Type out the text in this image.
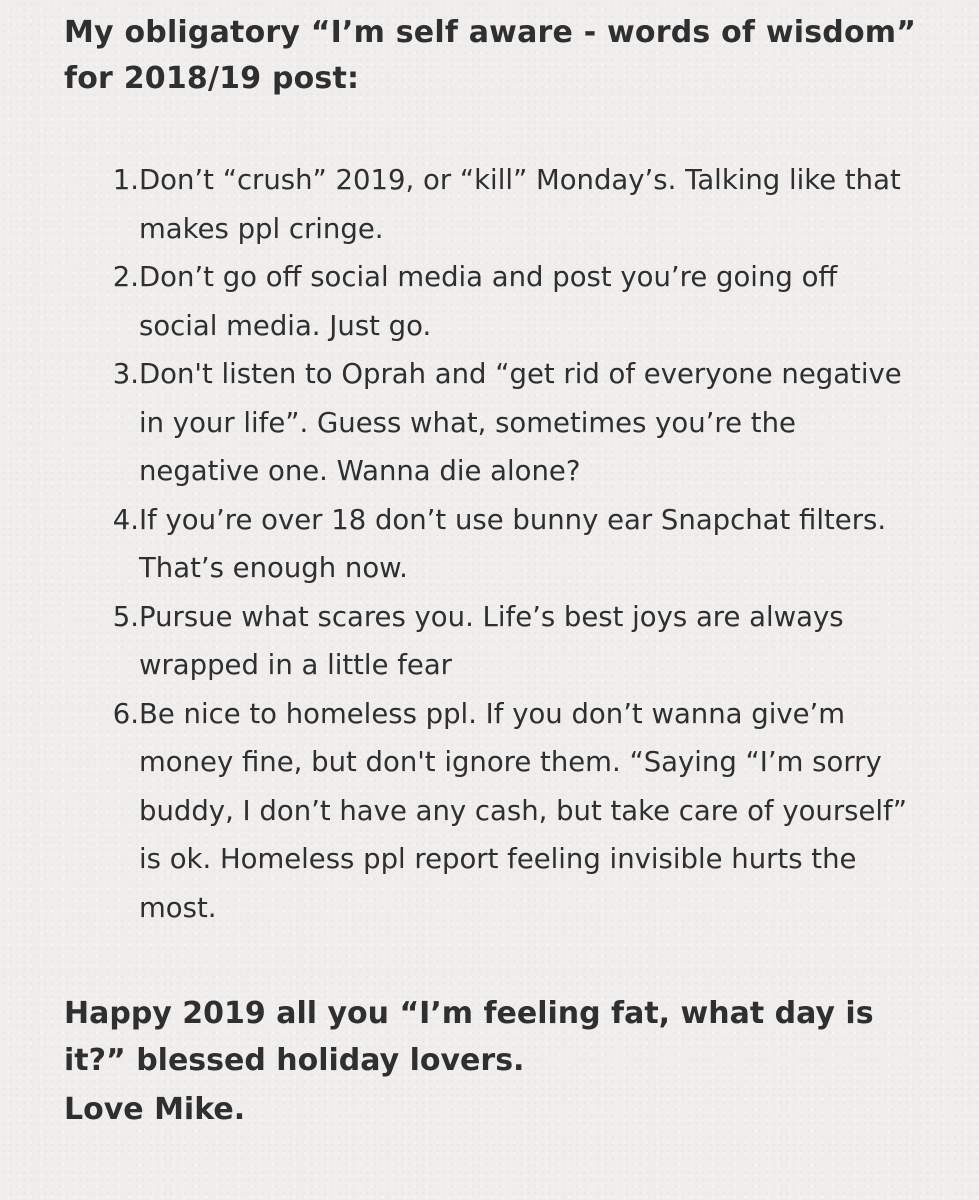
My obligatory “I’m self aware - words of wisdom” for 2018/19 post:

1. Don’t “crush” 2019, or “kill” Monday’s. Talking like that makes ppl cringe.
2. Don’t go off social media and post you’re going off social media. Just go.
3. Don't listen to Oprah and “get rid of everyone negative in your life”. Guess what, sometimes you’re the negative one. Wanna die alone?
4. If you’re over 18 don’t use bunny ear Snapchat filters. That’s enough now.
5. Pursue what scares you. Life’s best joys are always wrapped in a little fear
6. Be nice to homeless ppl. If you don’t wanna give’m money fine, but don't ignore them. “Saying “I’m sorry buddy, I don’t have any cash, but take care of yourself” is ok. Homeless ppl report feeling invisible hurts the most.

Happy 2019 all you “I’m feeling fat, what day is it?” blessed holiday lovers.

Love Mike.
